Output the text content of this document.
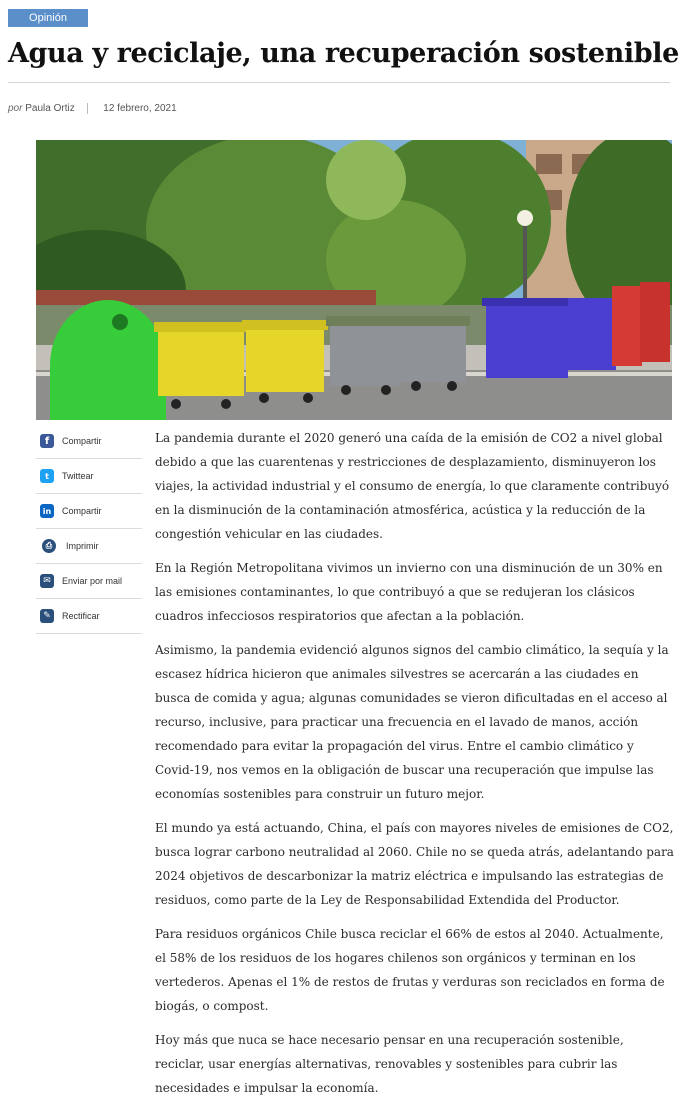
Opinión
Agua y reciclaje, una recuperación sostenible
por Paula Ortiz	12 febrero, 2021
f	Compartir
t	Twittear
in	Compartir
⎙	Imprimir
✉	Enviar por mail
✎	Rectificar

La pandemia durante el 2020 generó una caída de la emisión de CO2 a nivel global debido a que las cuarentenas y restricciones de desplazamiento, disminuyeron los viajes, la actividad industrial y el consumo de energía, lo que claramente contribuyó en la disminución de la contaminación atmosférica, acústica y la reducción de la congestión vehicular en las ciudades.

En la Región Metropolitana vivimos un invierno con una disminución de un 30% en las emisiones contaminantes, lo que contribuyó a que se redujeran los clásicos cuadros infecciosos respiratorios que afectan a la población.

Asimismo, la pandemia evidenció algunos signos del cambio climático, la sequía y la escasez hídrica hicieron que animales silvestres se acercarán a las ciudades en busca de comida y agua; algunas comunidades se vieron dificultadas en el acceso al recurso, inclusive, para practicar una frecuencia en el lavado de manos, acción recomendado para evitar la propagación del virus. Entre el cambio climático y Covid-19, nos vemos en la obligación de buscar una recuperación que impulse las economías sostenibles para construir un futuro mejor.

El mundo ya está actuando, China, el país con mayores niveles de emisiones de CO2, busca lograr carbono neutralidad al 2060. Chile no se queda atrás, adelantando para 2024 objetivos de descarbonizar la matriz eléctrica e impulsando las estrategias de residuos, como parte de la Ley de Responsabilidad Extendida del Productor.

Para residuos orgánicos Chile busca reciclar el 66% de estos al 2040. Actualmente, el 58% de los residuos de los hogares chilenos son orgánicos y terminan en los vertederos. Apenas el 1% de restos de frutas y verduras son reciclados en forma de biogás, o compost.

Hoy más que nuca se hace necesario pensar en una recuperación sostenible, reciclar, usar energías alternativas, renovables y sostenibles para cubrir las necesidades e impulsar la economía.
